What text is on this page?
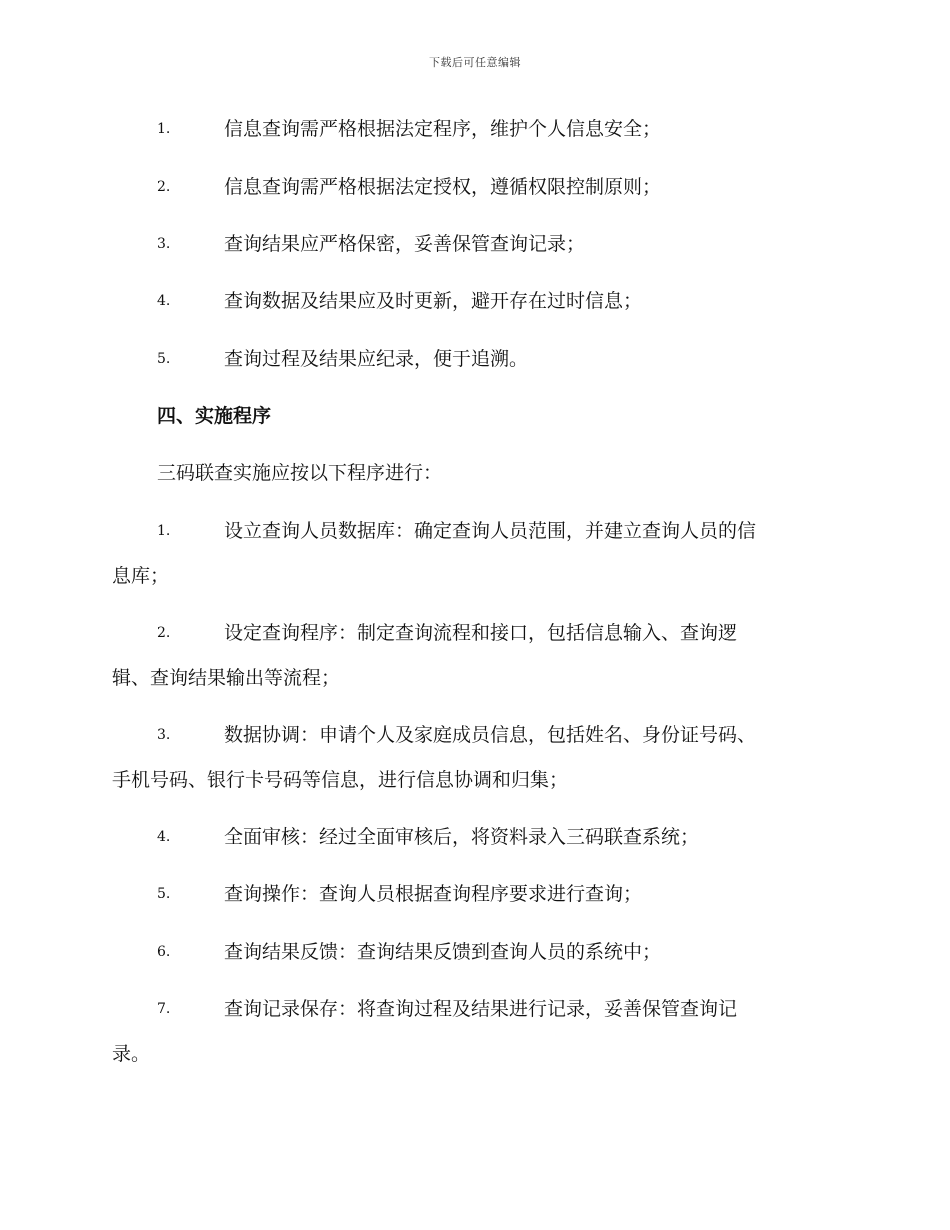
下载后可任意编辑
1.	信息查询需严格根据法定程序，维护个人信息安全；
2.	信息查询需严格根据法定授权，遵循权限控制原则；
3.	查询结果应严格保密，妥善保管查询记录；
4.	查询数据及结果应及时更新，避开存在过时信息；
5.	查询过程及结果应纪录，便于追溯。
四、实施程序
三码联查实施应按以下程序进行：
1.	设立查询人员数据库：确定查询人员范围，并建立查询人员的信
息库；
2.	设定查询程序：制定查询流程和接口，包括信息输入、查询逻
辑、查询结果输出等流程；
3.	数据协调：申请个人及家庭成员信息，包括姓名、身份证号码、
手机号码、银行卡号码等信息，进行信息协调和归集；
4.	全面审核：经过全面审核后，将资料录入三码联查系统；
5.	查询操作：查询人员根据查询程序要求进行查询；
6.	查询结果反馈：查询结果反馈到查询人员的系统中；
7.	查询记录保存：将查询过程及结果进行记录，妥善保管查询记
录。
